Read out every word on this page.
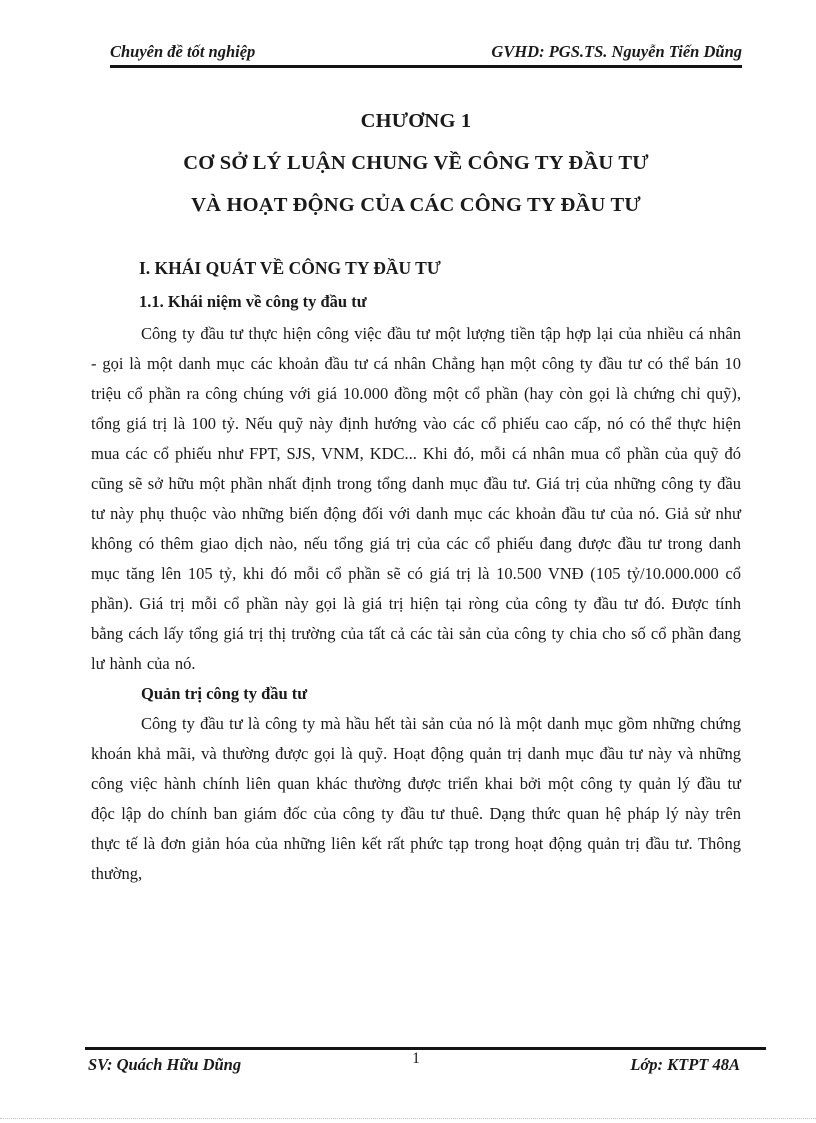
Chuyên đề tốt nghiệp	GVHD: PGS.TS. Nguyễn Tiến Dũng
CHƯƠNG 1
CƠ SỞ LÝ LUẬN CHUNG VỀ CÔNG TY ĐẦU TƯ
VÀ HOẠT ĐỘNG CỦA CÁC CÔNG TY ĐẦU TƯ
I. KHÁI QUÁT VỀ CÔNG TY ĐẦU TƯ
1.1. Khái niệm về công ty đầu tư

Công ty đầu tư thực hiện công việc đầu tư một lượng tiền tập hợp lại của nhiều cá nhân - gọi là một danh mục các khoản đầu tư cá nhân Chẳng hạn một công ty đầu tư có thể bán 10 triệu cổ phần ra công chúng với giá 10.000 đồng một cổ phần (hay còn gọi là chứng chỉ quỹ), tổng giá trị là 100 tỷ. Nếu quỹ này định hướng vào các cổ phiếu cao cấp, nó có thể thực hiện mua các cổ phiếu như FPT, SJS, VNM, KDC... Khi đó, mỗi cá nhân mua cổ phần của quỹ đó cũng sẽ sở hữu một phần nhất định trong tổng danh mục đầu tư. Giá trị của những công ty đầu tư này phụ thuộc vào những biến động đối với danh mục các khoản đầu tư của nó. Giả sử như không có thêm giao dịch nào, nếu tổng giá trị của các cổ phiếu đang được đầu tư trong danh mục tăng lên 105 tỷ, khi đó mỗi cổ phần sẽ có giá trị là 10.500 VNĐ (105 tỷ/10.000.000 cổ phần). Giá trị mỗi cổ phần này gọi là giá trị hiện tại ròng của công ty đầu tư đó. Được tính bằng cách lấy tổng giá trị thị trường của tất cả các tài sản của công ty chia cho số cổ phần đang lư hành của nó.

Quản trị công ty đầu tư

Công ty đầu tư là công ty mà hầu hết tài sản của nó là một danh mục gồm những chứng khoán khả mãi, và thường được gọi là quỹ. Hoạt động quản trị danh mục đầu tư này và những công việc hành chính liên quan khác thường được triển khai bởi một công ty quản lý đầu tư độc lập do chính ban giám đốc của công ty đầu tư thuê. Dạng thức quan hệ pháp lý này trên thực tế là đơn giản hóa của những liên kết rất phức tạp trong hoạt động quản trị đầu tư. Thông thường,

1
SV: Quách Hữu Dũng	Lớp: KTPT 48A
